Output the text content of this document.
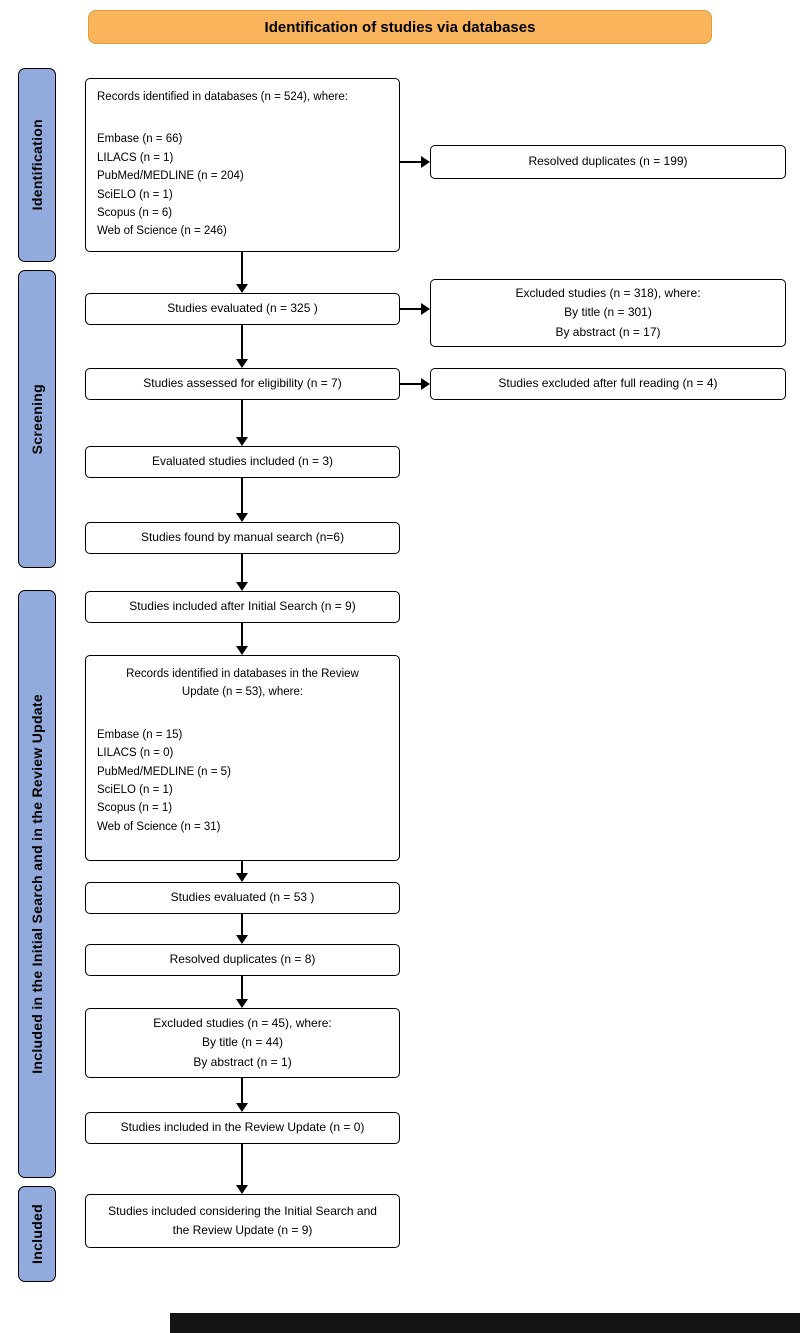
Identification of studies via databases
Identification
Screening
Included in the Initial Search and in the Review Update
Included
Records identified in databases (n = 524), where:
Embase (n = 66)
LILACS (n = 1)
PubMed/MEDLINE (n = 204)
SciELO (n = 1)
Scopus (n = 6)
Web of Science (n = 246)
Studies evaluated (n = 325 )
Studies assessed for eligibility (n = 7)
Evaluated studies included (n = 3)
Studies found by manual search (n=6)
Studies included after Initial Search (n = 9)
Records identified in databases in the Review
Update (n = 53), where:
Embase (n = 15)
LILACS (n = 0)
PubMed/MEDLINE (n = 5)
SciELO (n = 1)
Scopus (n = 1)
Web of Science (n = 31)
Studies evaluated (n = 53 )
Resolved duplicates (n = 8)
Excluded studies (n = 45), where:
By title (n = 44)
By abstract (n = 1)
Studies included in the Review Update (n = 0)
Studies included considering the Initial Search and
the Review Update (n = 9)
Resolved duplicates (n = 199)
Excluded studies (n = 318), where:
By title (n = 301)
By abstract (n = 17)
Studies excluded after full reading (n = 4)
